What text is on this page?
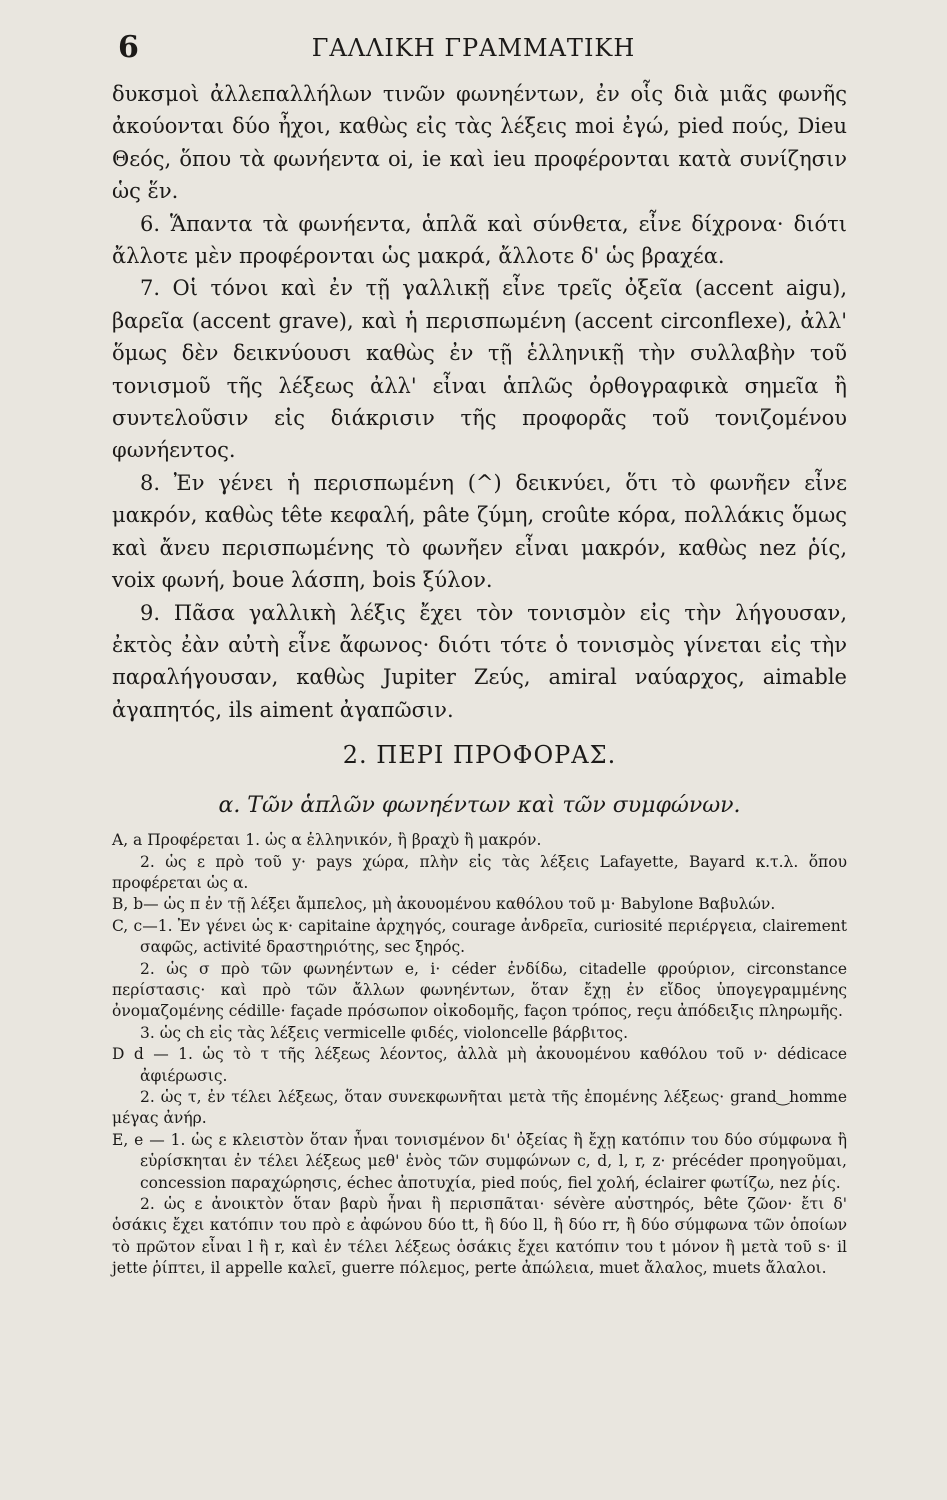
6	ΓΑΛΛΙΚΗ ΓΡΑΜΜΑΤΙΚΗ

δυκσμοὶ ἀλλεπαλλήλων τινῶν φωνηέντων, ἐν οἷς διὰ μιᾶς φωνῆς ἀκούονται δύο ἦχοι, καθὼς εἰς τὰς λέξεις moi ἐγώ, pied πούς, Dieu Θεός, ὅπου τὰ φωνήεντα oi, ie καὶ ieu προφέρονται κατὰ συνίζησιν ὡς ἕν.

6. Ἅπαντα τὰ φωνήεντα, ἁπλᾶ καὶ σύνθετα, εἶνε δίχρονα· διότι ἄλλοτε μὲν προφέρονται ὡς μακρά, ἄλλοτε δ' ὡς βραχέα.

7. Οἱ τόνοι καὶ ἐν τῇ γαλλικῇ εἶνε τρεῖς ὀξεῖα (accent aigu), βαρεῖα (accent grave), καὶ ἡ περισπωμένη (accent circonflexe), ἀλλ' ὅμως δὲν δεικνύουσι καθὼς ἐν τῇ ἑλληνικῇ τὴν συλλαβὴν τοῦ τονισμοῦ τῆς λέξεως ἀλλ' εἶναι ἁπλῶς ὀρθογραφικὰ σημεῖα ἢ συντελοῦσιν εἰς διάκρισιν τῆς προφορᾶς τοῦ τονιζομένου φωνήεντος.

8. Ἐν γένει ἡ περισπωμένη (^) δεικνύει, ὅτι τὸ φωνῆεν εἶνε μακρόν, καθὼς tête κεφαλή, pâte ζύμη, croûte κόρα, πολλάκις ὅμως καὶ ἄνευ περισπωμένης τὸ φωνῆεν εἶναι μακρόν, καθὼς nez ῥίς, voix φωνή, boue λάσπη, bois ξύλον.

9. Πᾶσα γαλλικὴ λέξις ἔχει τὸν τονισμὸν εἰς τὴν λήγουσαν, ἐκτὸς ἐὰν αὐτὴ εἶνε ἄφωνος· διότι τότε ὁ τονισμὸς γίνεται εἰς τὴν παραλήγουσαν, καθὼς Jupiter Ζεύς, amiral ναύαρχος, aimable ἀγαπητός, ils aiment ἀγαπῶσιν.

2. ΠΕΡΙ ΠΡΟΦΟΡΑΣ.
α. Τῶν ἁπλῶν φωνηέντων καὶ τῶν συμφώνων.

A, a Προφέρεται 1. ὡς α ἑλληνικόν, ἢ βραχὺ ἢ μακρόν.

2. ὡς ε πρὸ τοῦ y· pays χώρα, πλὴν εἰς τὰς λέξεις Lafayette, Bayard κ.τ.λ. ὅπου προφέρεται ὡς α.

B, b— ὡς π ἐν τῇ λέξει ἄμπελος, μὴ ἀκουομένου καθόλου τοῦ μ· Babylone Βαβυλών.

C, c—1. Ἐν γένει ὡς κ· capitaine ἀρχηγός, courage ἀνδρεῖα, curiosité περιέργεια, clairement σαφῶς, activité δραστηριότης, sec ξηρός.

2. ὡς σ πρὸ τῶν φωνηέντων e, i· céder ἐνδίδω, citadelle φρούριον, circonstance περίστασις· καὶ πρὸ τῶν ἄλλων φωνηέντων, ὅταν ἔχῃ ἐν εἴδος ὑπογεγραμμένης ὀνομαζομένης cédille· façade πρόσωπον οἰκοδομῆς, façon τρόπος, reçu ἀπόδειξις πληρωμῆς.

3. ὡς ch εἰς τὰς λέξεις vermicelle φιδές, violoncelle βάρβιτος.

D d — 1. ὡς τὸ τ τῆς λέξεως λέοντος, ἀλλὰ μὴ ἀκουομένου καθόλου τοῦ ν· dédicace ἀφιέρωσις.

2. ὡς τ, ἐν τέλει λέξεως, ὅταν συνεκφωνῆται μετὰ τῆς ἑπομένης λέξεως· grand‿homme μέγας ἀνήρ.

E, e — 1. ὡς ε κλειστὸν ὅταν ἦναι τονισμένον δι' ὀξείας ἢ ἔχῃ κατόπιν του δύο σύμφωνα ἢ εὑρίσκηται ἐν τέλει λέξεως μεθ' ἑνὸς τῶν συμφώνων c, d, l, r, z· précéder προηγοῦμαι, concession παραχώρησις, échec ἀποτυχία, pied πούς, fiel χολή, éclairer φωτίζω, nez ῥίς.

2. ὡς ε ἀνοικτὸν ὅταν βαρὺ ἦναι ἢ περισπᾶται· sévère αὐστηρός, bête ζῶον· ἔτι δ' ὁσάκις ἔχει κατόπιν του πρὸ ε ἀφώνου δύο tt, ἢ δύο ll, ἢ δύο rr, ἢ δύο σύμφωνα τῶν ὁποίων τὸ πρῶτον εἶναι l ἢ r, καὶ ἐν τέλει λέξεως ὁσάκις ἔχει κατόπιν του t μόνον ἢ μετὰ τοῦ s· il jette ῥίπτει, il appelle καλεῖ, guerre πόλεμος, perte ἀπώλεια, muet ἄλαλος, muets ἄλαλοι.
